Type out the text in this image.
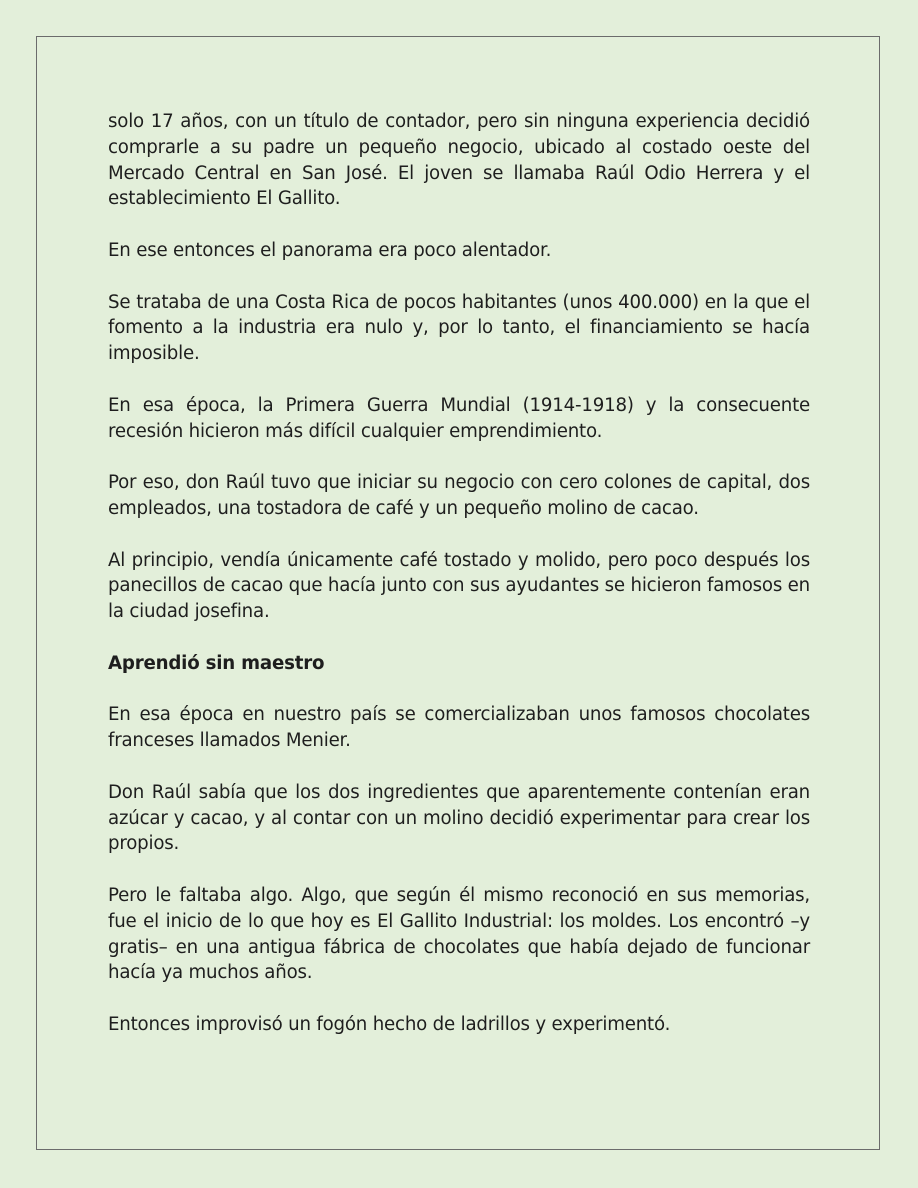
solo 17 años, con un título de contador, pero sin ninguna experiencia decidió comprarle a su padre un pequeño negocio, ubicado al costado oeste del Mercado Central en San José. El joven se llamaba Raúl Odio Herrera y el establecimiento El Gallito.

En ese entonces el panorama era poco alentador.

Se trataba de una Costa Rica de pocos habitantes (unos 400.000) en la que el fomento a la industria era nulo y, por lo tanto, el financiamiento se hacía imposible.

En esa época, la Primera Guerra Mundial (1914-1918) y la consecuente recesión hicieron más difícil cualquier emprendimiento.

Por eso, don Raúl tuvo que iniciar su negocio con cero colones de capital, dos empleados, una tostadora de café y un pequeño molino de cacao.

Al principio, vendía únicamente café tostado y molido, pero poco después los panecillos de cacao que hacía junto con sus ayudantes se hicieron famosos en la ciudad josefina.

Aprendió sin maestro

En esa época en nuestro país se comercializaban unos famosos chocolates franceses llamados Menier.

Don Raúl sabía que los dos ingredientes que aparentemente contenían eran azúcar y cacao, y al contar con un molino decidió experimentar para crear los propios.

Pero le faltaba algo. Algo, que según él mismo reconoció en sus memorias, fue el inicio de lo que hoy es El Gallito Industrial: los moldes. Los encontró –y gratis– en una antigua fábrica de chocolates que había dejado de funcionar hacía ya muchos años.

Entonces improvisó un fogón hecho de ladrillos y experimentó.
